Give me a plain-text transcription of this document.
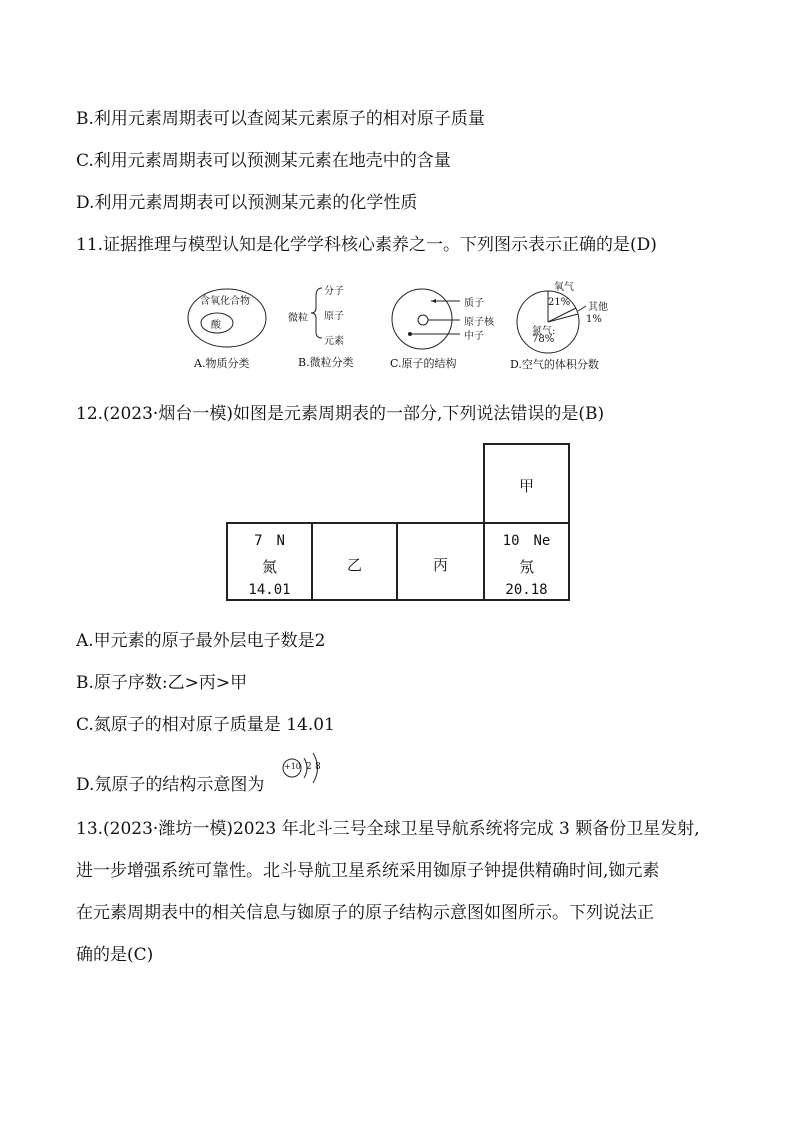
B.利用元素周期表可以查阅某元素原子的相对原子质量
C.利用元素周期表可以预测某元素在地壳中的含量
D.利用元素周期表可以预测某元素的化学性质
11.证据推理与模型认知是化学学科核心素养之一。下列图示表示正确的是(D)
含氧化合物
酸
A.物质分类
微粒
分子
原子
元素
B.微粒分类
质子
原子核
中子
C.原子的结构
氧气
21% 其他
1%
氮气:
78%
D.空气的体积分数
12.(2023·烟台一模)如图是元素周期表的一部分,下列说法错误的是(B)
甲
7　N
氮
14.01
乙	丙
10　Ne
氖
20.18
A.甲元素的原子最外层电子数是2
B.原子序数:乙>丙>甲
C.氮原子的相对原子质量是 14.01
D.氖原子的结构示意图为
+10 2 8
13.(2023·潍坊一模)2023 年北斗三号全球卫星导航系统将完成 3 颗备份卫星发射,
进一步增强系统可靠性。北斗导航卫星系统采用铷原子钟提供精确时间,铷元素
在元素周期表中的相关信息与铷原子的原子结构示意图如图所示。下列说法正
确的是(C)
